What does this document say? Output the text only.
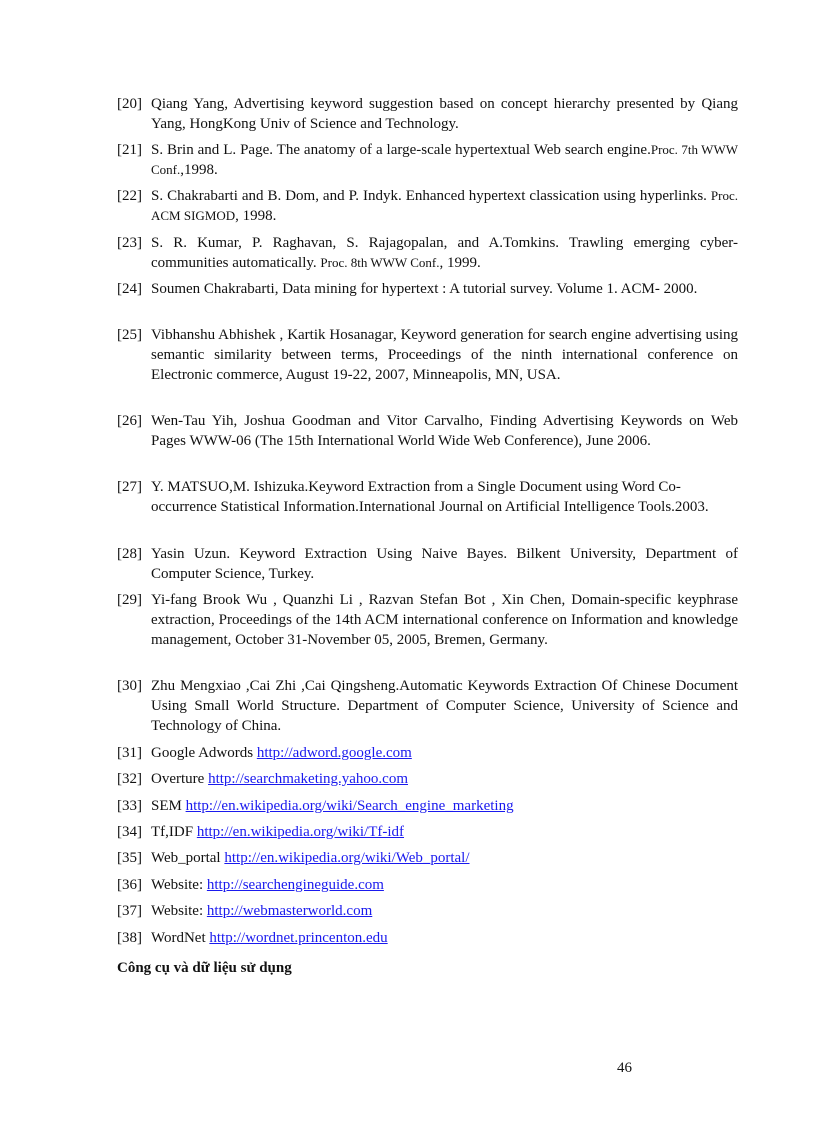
[20] Qiang Yang, Advertising keyword suggestion based on concept hierarchy presented by Qiang Yang, HongKong Univ of Science and Technology.
[21] S. Brin and L. Page. The anatomy of a large-scale hypertextual Web search engine.Proc. 7th WWW Conf.,1998.
[22] S. Chakrabarti and B. Dom, and P. Indyk. Enhanced hypertext classication using hyperlinks. Proc. ACM SIGMOD, 1998.
[23] S. R. Kumar, P. Raghavan, S. Rajagopalan, and A.Tomkins. Trawling emerging cyber-communities automatically. Proc. 8th WWW Conf., 1999.
[24] Soumen Chakrabarti, Data mining for hypertext : A tutorial survey. Volume 1. ACM- 2000.
[25] Vibhanshu Abhishek , Kartik Hosanagar, Keyword generation for search engine advertising using semantic similarity between terms, Proceedings of the ninth international conference on Electronic commerce, August 19-22, 2007, Minneapolis, MN, USA.
[26] Wen-Tau Yih, Joshua Goodman and Vitor Carvalho, Finding Advertising Keywords on Web Pages WWW-06 (The 15th International World Wide Web Conference), June 2006.
[27] Y. MATSUO,M. Ishizuka.Keyword Extraction from a Single Document using Word Co-occurrence Statistical Information.International Journal on Artificial Intelligence Tools.2003.
[28] Yasin Uzun. Keyword Extraction Using Naive Bayes. Bilkent University, Department of Computer Science, Turkey.
[29] Yi-fang Brook Wu , Quanzhi Li , Razvan Stefan Bot , Xin Chen, Domain-specific keyphrase extraction, Proceedings of the 14th ACM international conference on Information and knowledge management, October 31-November 05, 2005, Bremen, Germany.
[30] Zhu Mengxiao ,Cai Zhi ,Cai Qingsheng.Automatic Keywords Extraction Of Chinese Document Using Small World Structure. Department of Computer Science, University of Science and Technology of China.
[31] Google Adwords http://adword.google.com
[32] Overture http://searchmaketing.yahoo.com
[33] SEM http://en.wikipedia.org/wiki/Search_engine_marketing
[34] Tf,IDF http://en.wikipedia.org/wiki/Tf-idf
[35] Web_portal http://en.wikipedia.org/wiki/Web_portal/
[36] Website: http://searchengineguide.com
[37] Website: http://webmasterworld.com
[38] WordNet http://wordnet.princenton.edu
Công cụ và dữ liệu sử dụng
46
